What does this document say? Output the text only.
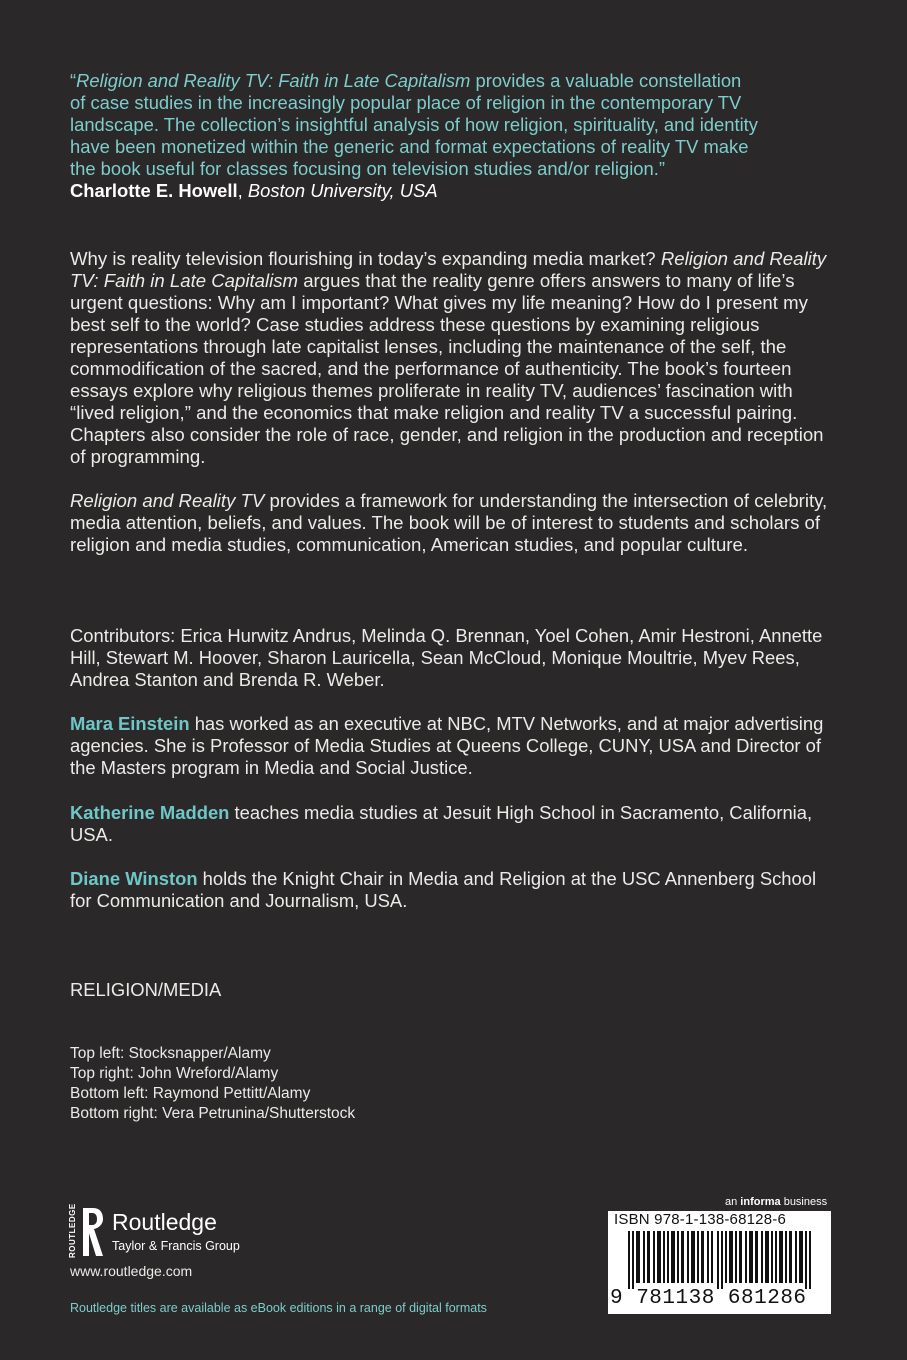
“Religion and Reality TV: Faith in Late Capitalism provides a valuable constellation
of case studies in the increasingly popular place of religion in the contemporary TV
landscape. The collection’s insightful analysis of how religion, spirituality, and identity
have been monetized within the generic and format expectations of reality TV make
the book useful for classes focusing on television studies and/or religion.”
Charlotte E. Howell, Boston University, USA

Why is reality television flourishing in today’s expanding media market? Religion and Reality TV: Faith in Late Capitalism argues that the reality genre offers answers to many of life’s urgent questions: Why am I important? What gives my life meaning? How do I present my best self to the world? Case studies address these questions by examining religious representations through late capitalist lenses, including the maintenance of the self, the commodification of the sacred, and the performance of authenticity. The book’s fourteen essays explore why religious themes proliferate in reality TV, audiences’ fascination with “lived religion,” and the economics that make religion and reality TV a successful pairing. Chapters also consider the role of race, gender, and religion in the production and reception of programming.

Religion and Reality TV provides a framework for understanding the intersection of celebrity, media attention, beliefs, and values. The book will be of interest to students and scholars of religion and media studies, communication, American studies, and popular culture.

Contributors: Erica Hurwitz Andrus, Melinda Q. Brennan, Yoel Cohen, Amir Hestroni, Annette Hill, Stewart M. Hoover, Sharon Lauricella, Sean McCloud, Monique Moultrie, Myev Rees, Andrea Stanton and Brenda R. Weber.
Mara Einstein has worked as an executive at NBC, MTV Networks, and at major advertising agencies. She is Professor of Media Studies at Queens College, CUNY, USA and Director of the Masters program in Media and Social Justice.
Katherine Madden teaches media studies at Jesuit High School in Sacramento, California, USA.
Diane Winston holds the Knight Chair in Media and Religion at the USC Annenberg School for Communication and Journalism, USA.
RELIGION/MEDIA
Top left: Stocksnapper/Alamy
Top right: John Wreford/Alamy
Bottom left: Raymond Pettitt/Alamy
Bottom right: Vera Petrunina/Shutterstock
ROUTLEDGE Routledge
Taylor & Francis Group
www.routledge.com
Routledge titles are available as eBook editions in a range of digital formats
an informa business
ISBN 978-1-138-68128-6
9 781138 681286
